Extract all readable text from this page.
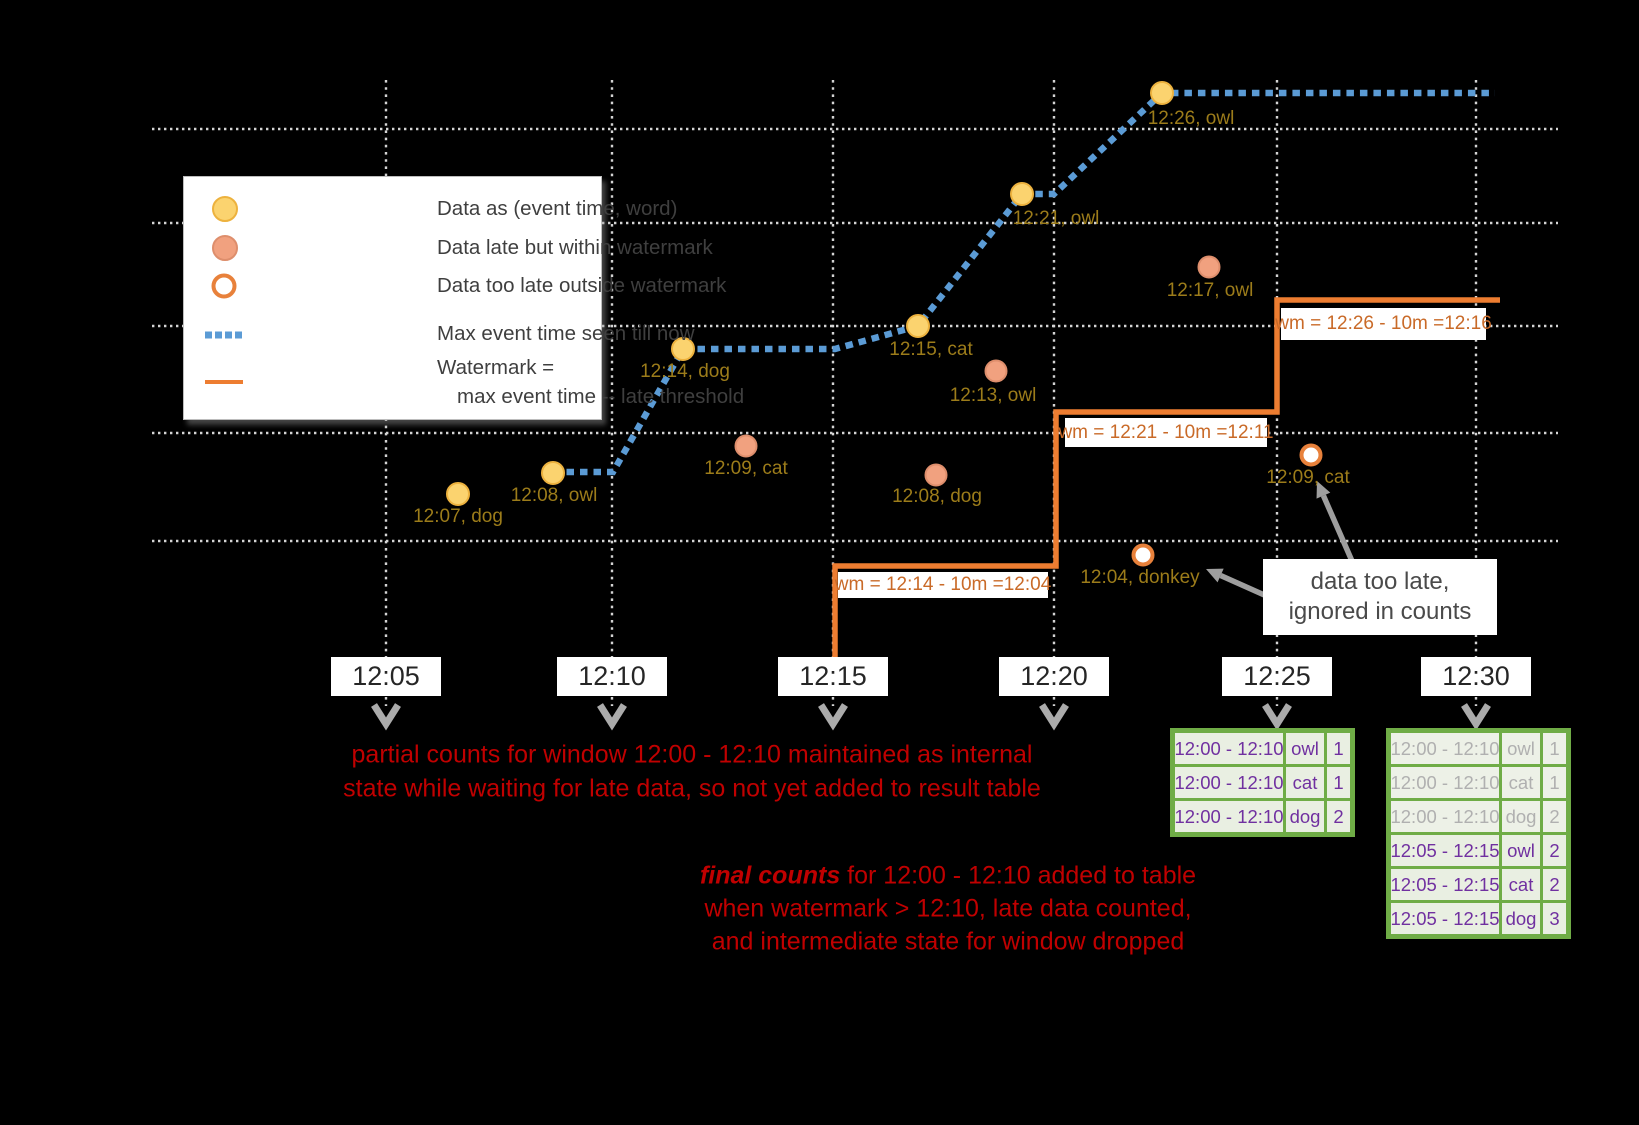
12:07, dog
12:08, owl
12:14, dog
12:15, cat
12:21, owl
12:26, owl
12:09, cat
12:08, dog
12:13, owl
12:17, owl
12:04, donkey
12:09, cat
12:05	12:10	12:15	12:20	12:25	12:30
wm = 12:14 - 10m =12:04
wm = 12:21 - 10m =12:11
wm = 12:26 - 10m =12:16
12:00 - 12:10 owl 1
12:00 - 12:10 cat 1
12:00 - 12:10 dog 2
12:00 - 12:10 owl 1
12:00 - 12:10 cat 1
12:00 - 12:10 dog 2
12:05 - 12:15 owl 2
12:05 - 12:15 cat 2
12:05 - 12:15 dog 3
Data as (event time, word)
Data late but within watermark
Data too late outside watermark
Max event time seen till now
Watermark =
max event time -- late threshold
data too late,
ignored in counts
partial counts for window 12:00 - 12:10 maintained as internal
state while waiting for late data, so not yet added to result table
final counts for 12:00 - 12:10 added to table
when watermark > 12:10, late data counted,
and intermediate state for window dropped
